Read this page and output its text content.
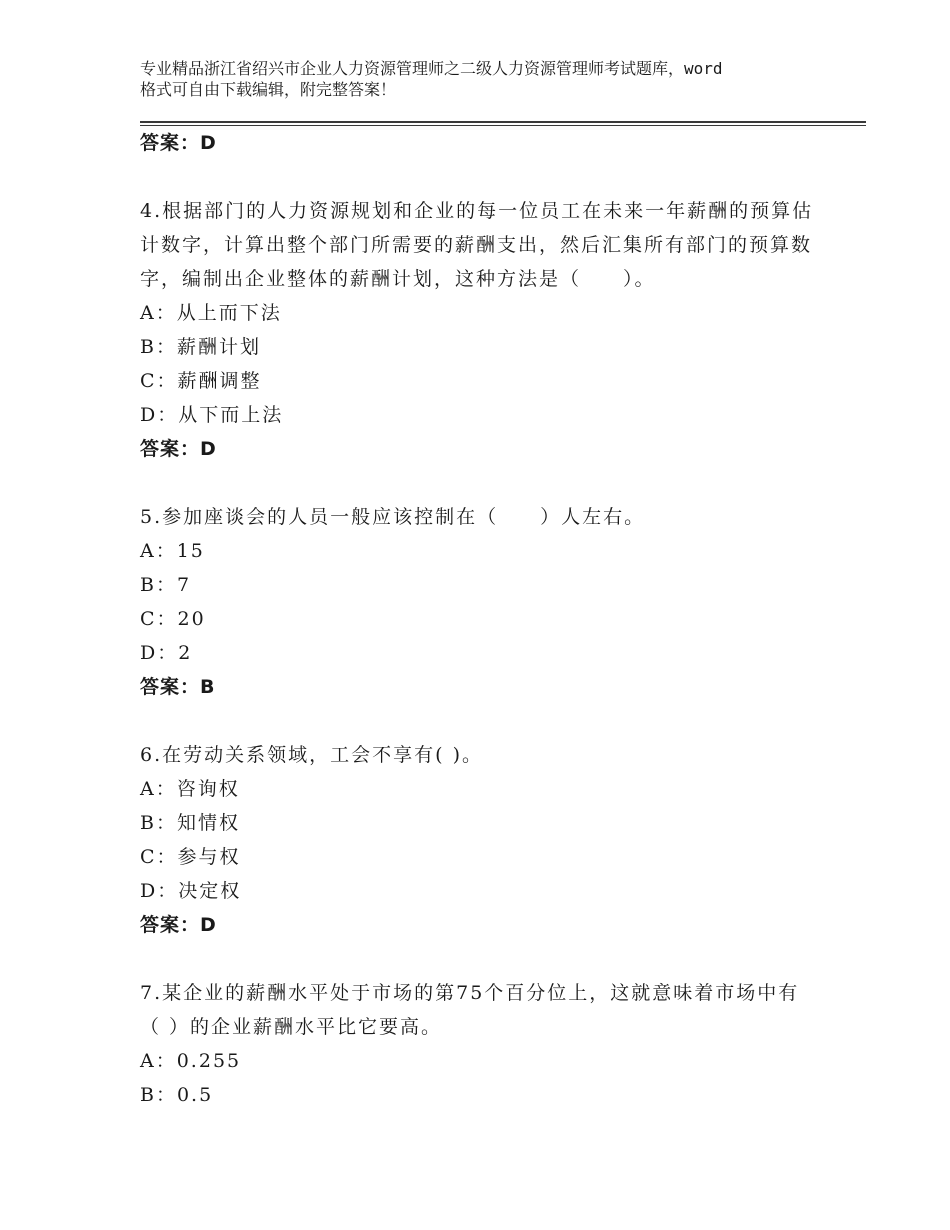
专业精品浙江省绍兴市企业人力资源管理师之二级人力资源管理师考试题库，word
格式可自由下载编辑，附完整答案！
答案：D
4.根据部门的人力资源规划和企业的每一位员工在未来一年薪酬的预算估计数字，计算出整个部门所需要的薪酬支出，然后汇集所有部门的预算数字，编制出企业整体的薪酬计划，这种方法是（　　）。
A：从上而下法
B：薪酬计划
C：薪酬调整
D：从下而上法
答案：D
5.参加座谈会的人员一般应该控制在（　　）人左右。
A：15
B：7
C：20
D：2
答案：B
6.在劳动关系领域，工会不享有( )。
A：咨询权
B：知情权
C：参与权
D：决定权
答案：D
7.某企业的薪酬水平处于市场的第75个百分位上，这就意味着市场中有（ ）的企业薪酬水平比它要高。
A：0.255
B：0.5
